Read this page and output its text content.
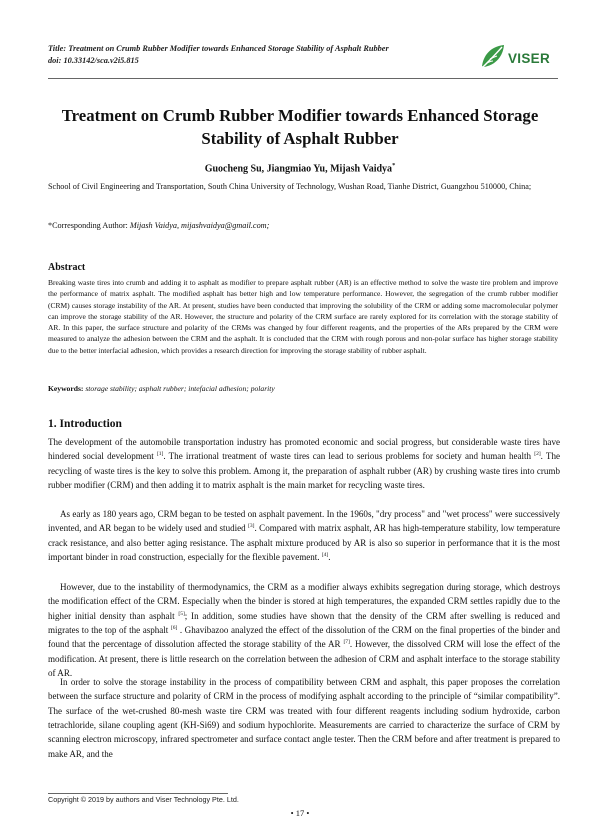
Title: Treatment on Crumb Rubber Modifier towards Enhanced Storage Stability of Asphalt Rubber
doi: 10.33142/sca.v2i5.815	VISER
Treatment on Crumb Rubber Modifier towards Enhanced Storage
Stability of Asphalt Rubber
Guocheng Su, Jiangmiao Yu, Mijash Vaidya*
School of Civil Engineering and Transportation, South China University of Technology, Wushan Road, Tianhe District, Guangzhou 510000, China;
*Corresponding Author: Mijash Vaidya, mijashvaidya@gmail.com;
Abstract
Breaking waste tires into crumb and adding it to asphalt as modifier to prepare asphalt rubber (AR) is an effective method to solve the waste tire problem and improve the performance of matrix asphalt. The modified asphalt has better high and low temperature performance. However, the segregation of the crumb rubber modifier (CRM) causes storage instability of the AR. At present, studies have been conducted that improving the solubility of the CRM or adding some macromolecular polymer can improve the storage stability of the AR. However, the structure and polarity of the CRM surface are rarely explored for its correlation with the storage stability of AR. In this paper, the surface structure and polarity of the CRMs was changed by four different reagents, and the properties of the ARs prepared by the CRM were measured to analyze the adhesion between the CRM and the asphalt. It is concluded that the CRM with rough porous and non-polar surface has higher storage stability due to the better interfacial adhesion, which provides a research direction for improving the storage stability of rubber asphalt.
Keywords: storage stability; asphalt rubber; intefacial adhesion; polarity
1. Introduction

The development of the automobile transportation industry has promoted economic and social progress, but considerable waste tires have hindered social development [1]. The irrational treatment of waste tires can lead to serious problems for society and human health [2]. The recycling of waste tires is the key to solve this problem. Among it, the preparation of asphalt rubber (AR) by crushing waste tires into crumb rubber modifier (CRM) and then adding it to matrix asphalt is the main market for recycling waste tires.

As early as 180 years ago, CRM began to be tested on asphalt pavement. In the 1960s, "dry process" and "wet process" were successively invented, and AR began to be widely used and studied [3]. Compared with matrix asphalt, AR has high-temperature stability, low temperature crack resistance, and also better aging resistance. The asphalt mixture produced by AR is also so superior in performance that it is the most important binder in road construction, especially for the flexible pavement. [4].

However, due to the instability of thermodynamics, the CRM as a modifier always exhibits segregation during storage, which destroys the modification effect of the CRM. Especially when the binder is stored at high temperatures, the expanded CRM settles rapidly due to the higher initial density than asphalt [5]; In addition, some studies have shown that the density of the CRM after swelling is reduced and migrates to the top of the asphalt [6] . Ghavibazoo analyzed the effect of the dissolution of the CRM on the final properties of the binder and found that the percentage of dissolution affected the storage stability of the AR [7]. However, the dissolved CRM will lose the effect of the modification. At present, there is little research on the correlation between the adhesion of CRM and asphalt interface to the storage stability of AR.

In order to solve the storage instability in the process of compatibility between CRM and asphalt, this paper proposes the correlation between the surface structure and polarity of CRM in the process of modifying asphalt according to the principle of “similar compatibility”. The surface of the wet-crushed 80-mesh waste tire CRM was treated with four different reagents including sodium hydroxide, carbon tetrachloride, silane coupling agent (KH-Si69) and sodium hypochlorite. Measurements are carried to characterize the surface of CRM by scanning electron microscopy, infrared spectrometer and surface contact angle tester. Then the CRM before and after treatment is prepared to make AR, and the

Copyright © 2019 by authors and Viser Technology Pte. Ltd.
• 17 •
